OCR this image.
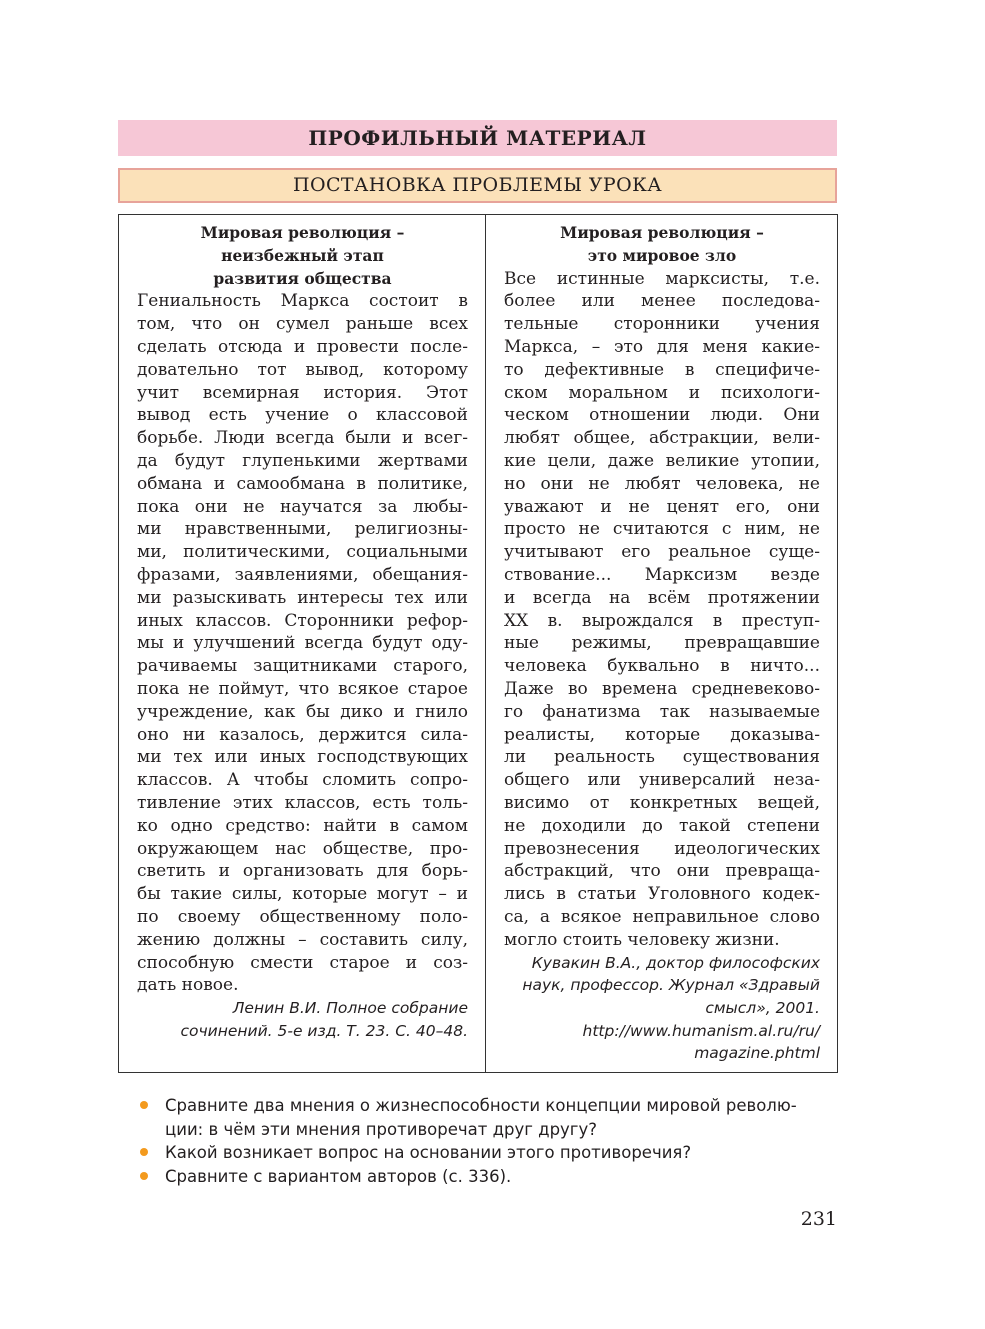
ПРОФИЛЬНЫЙ МАТЕРИАЛ
ПОСТАНОВКА ПРОБЛЕМЫ УРОКА
Мировая революция –
неизбежный этап
развития общества
Гениальность Маркса состоит в
том, что он сумел раньше всех
сделать отсюда и провести после-
довательно тот вывод, которому
учит всемирная история. Этот
вывод есть учение о классовой
борьбе. Люди всегда были и всег-
да будут глупенькими жертвами
обмана и самообмана в политике,
пока они не научатся за любы-
ми нравственными, религиозны-
ми, политическими, социальными
фразами, заявлениями, обещания-
ми разыскивать интересы тех или
иных классов. Сторонники рефор-
мы и улучшений всегда будут оду-
рачиваемы защитниками старого,
пока не поймут, что всякое старое
учреждение, как бы дико и гнило
оно ни казалось, держится сила-
ми тех или иных господствующих
классов. А чтобы сломить сопро-
тивление этих классов, есть толь-
ко одно средство: найти в самом
окружающем нас обществе, про-
светить и организовать для борь-
бы такие силы, которые могут – и
по своему общественному поло-
жению должны – составить силу,
способную смести старое и соз-
дать новое.
Ленин В.И. Полное собрание
сочинений. 5-е изд. Т. 23. С. 40–48.
Мировая революция –
это мировое зло
Все истинные марксисты, т.е.
более или менее последова-
тельные сторонники учения
Маркса, – это для меня какие-
то дефективные в специфиче-
ском моральном и психологи-
ческом отношении люди. Они
любят общее, абстракции, вели-
кие цели, даже великие утопии,
но они не любят человека, не
уважают и не ценят его, они
просто не считаются с ним, не
учитывают его реальное суще-
ствование... Марксизм везде
и всегда на всём протяжении
XX в. вырождался в преступ-
ные режимы, превращавшие
человека буквально в ничто...
Даже во времена средневеково-
го фанатизма так называемые
реалисты, которые доказыва-
ли реальность существования
общего или универсалий неза-
висимо от конкретных вещей,
не доходили до такой степени
превознесения идеологических
абстракций, что они превраща-
лись в статьи Уголовного кодек-
са, а всякое неправильное слово
могло стоить человеку жизни.
Кувакин В.А., доктор философских
наук, профессор. Журнал «Здравый
смысл», 2001.
http://www.humanism.al.ru/ru/
magazine.phtml
Сравните два мнения о жизнеспособности концепции мировой револю-
ции: в чём эти мнения противоречат друг другу?
Какой возникает вопрос на основании этого противоречия?
Сравните с вариантом авторов (с. 336).
231
